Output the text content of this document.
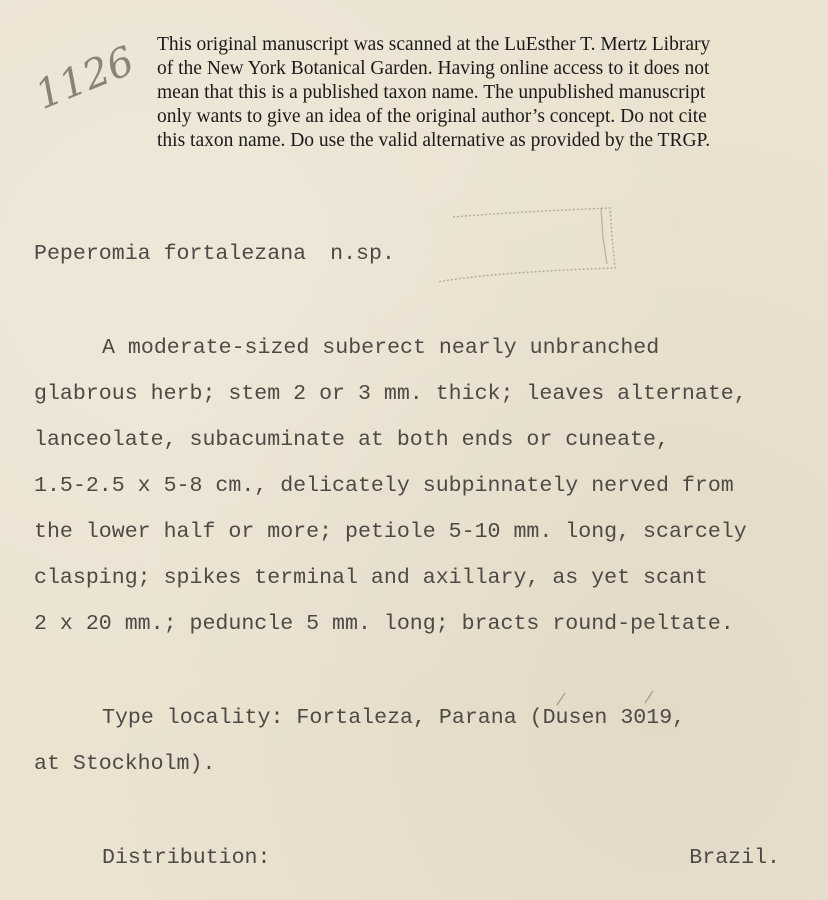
1126 This original manuscript was scanned at the LuEsther T. Mertz Library
of the New York Botanical Garden. Having online access to it does not
mean that this is a published taxon name. The unpublished manuscript
only wants to give an idea of the original author’s concept. Do not cite
this taxon name. Do use the valid alternative as provided by the TRGP.

Peperomia fortalezana n.sp.

A moderate-sized suberect nearly unbranched

glabrous herb; stem 2 or 3 mm. thick; leaves alternate,

lanceolate, subacuminate at both ends or cuneate,

1.5-2.5 x 5-8 cm., delicately subpinnately nerved from

the lower half or more; petiole 5-10 mm. long, scarcely

clasping; spikes terminal and axillary, as yet scant

2 x 20 mm.; peduncle 5 mm. long; bracts round-peltate.

Type locality: Fortaleza, Parana (Dusen 3019,

at Stockholm).

Distribution:	Brazil.
